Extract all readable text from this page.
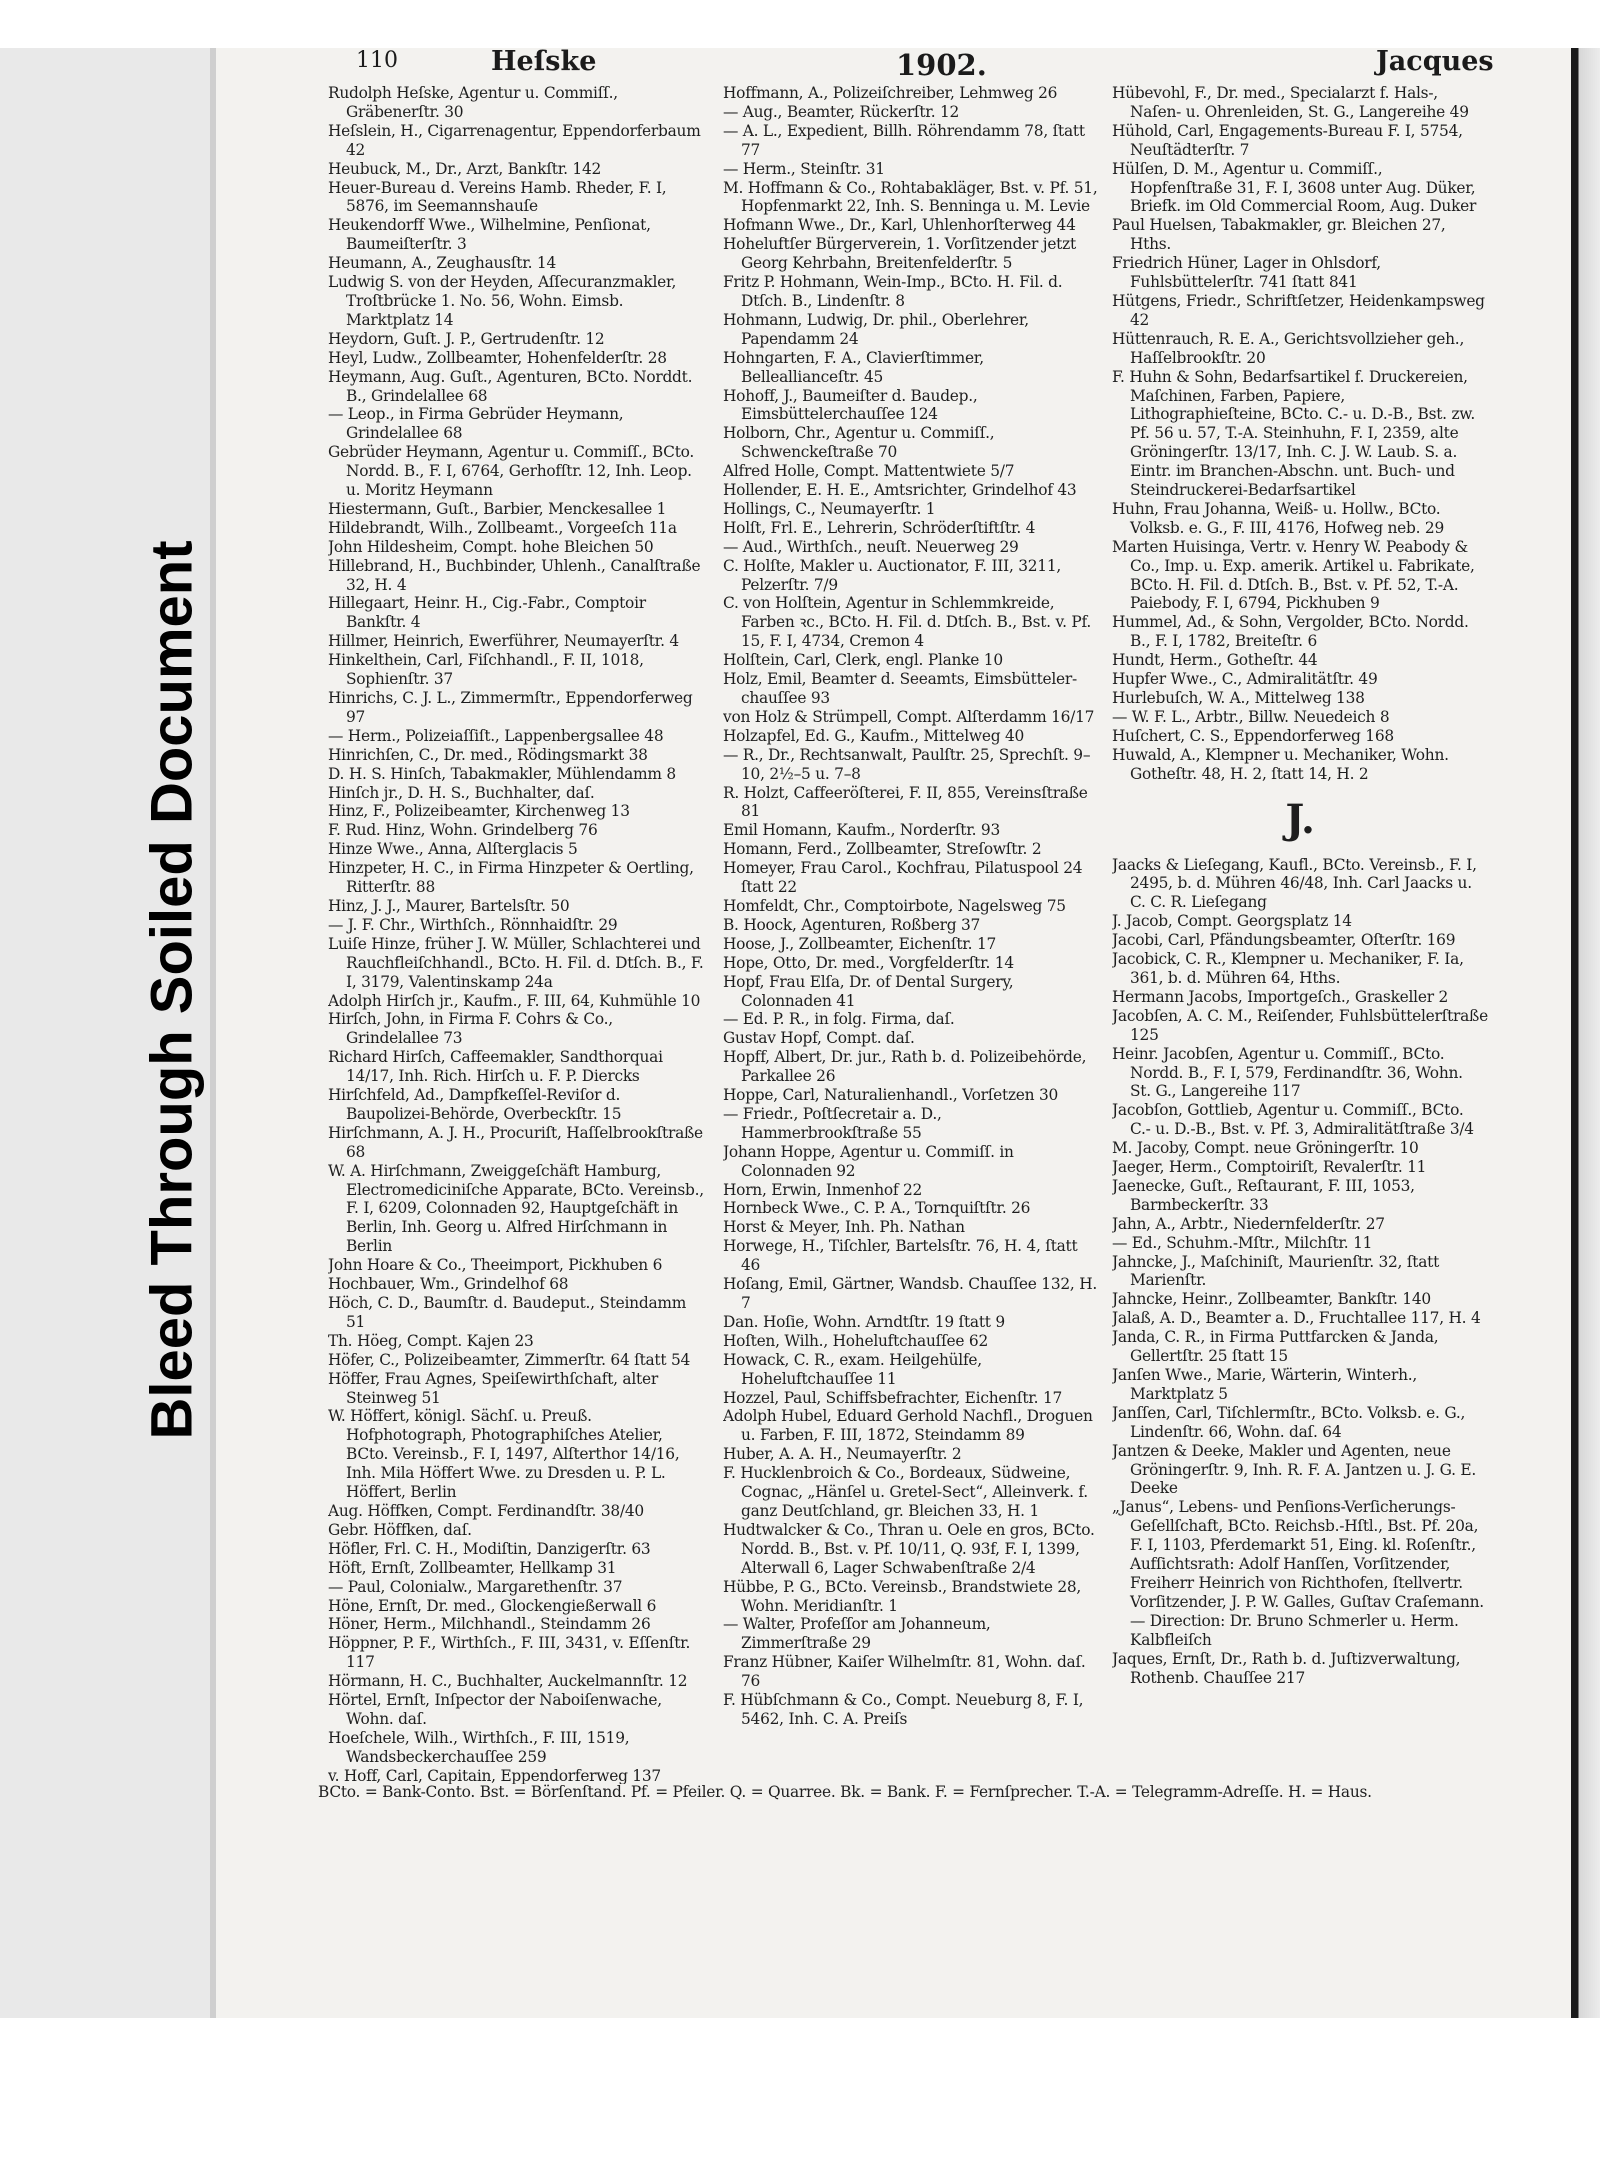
Bleed Through Soiled Document
110	Heſske	1902.	Jacques

Rudolph Heſske, Agentur u. Commiſſ., Gräbenerſtr. 30

Heſslein, H., Cigarrenagentur, Eppendorferbaum 42

Heubuck, M., Dr., Arzt, Bankſtr. 142

Heuer-Bureau d. Vereins Hamb. Rheder, F. I, 5876, im Seemannshauſe

Heukendorff Wwe., Wilhelmine, Penſionat, Baumeiſterſtr. 3

Heumann, A., Zeughausſtr. 14

Ludwig S. von der Heyden, Aſſecuranzmakler, Troſtbrücke 1. No. 56, Wohn. Eimsb. Marktplatz 14

Heydorn, Guſt. J. P., Gertrudenſtr. 12

Heyl, Ludw., Zollbeamter, Hohenfelderſtr. 28

Heymann, Aug. Guſt., Agenturen, BCto. Norddt. B., Grindelallee 68

— Leop., in Firma Gebrüder Heymann, Grindelallee 68

Gebrüder Heymann, Agentur u. Commiſſ., BCto. Nordd. B., F. I, 6764, Gerhofſtr. 12, Inh. Leop. u. Moritz Heymann

Hiestermann, Guſt., Barbier, Menckesallee 1

Hildebrandt, Wilh., Zollbeamt., Vorgeeſch 11a

John Hildesheim, Compt. hohe Bleichen 50

Hillebrand, H., Buchbinder, Uhlenh., Canalſtraße 32, H. 4

Hillegaart, Heinr. H., Cig.-Fabr., Comptoir Bankſtr. 4

Hillmer, Heinrich, Ewerführer, Neumayerſtr. 4

Hinkelthein, Carl, Fiſchhandl., F. II, 1018, Sophienſtr. 37

Hinrichs, C. J. L., Zimmermſtr., Eppendorferweg 97

— Herm., Polizeiaſſiſt., Lappenbergsallee 48

Hinrichſen, C., Dr. med., Rödingsmarkt 38

D. H. S. Hinſch, Tabakmakler, Mühlendamm 8

Hinſch jr., D. H. S., Buchhalter, daſ.

Hinz, F., Polizeibeamter, Kirchenweg 13

F. Rud. Hinz, Wohn. Grindelberg 76

Hinze Wwe., Anna, Alſterglacis 5

Hinzpeter, H. C., in Firma Hinzpeter & Oertling, Ritterſtr. 88

Hinz, J. J., Maurer, Bartelsſtr. 50

— J. F. Chr., Wirthſch., Rönnhaidſtr. 29

Luiſe Hinze, früher J. W. Müller, Schlachterei und Rauchfleiſchhandl., BCto. H. Fil. d. Dtſch. B., F. I, 3179, Valentinskamp 24a

Adolph Hirſch jr., Kaufm., F. III, 64, Kuhmühle 10

Hirſch, John, in Firma F. Cohrs & Co., Grindelallee 73

Richard Hirſch, Caffeemakler, Sandthorquai 14/17, Inh. Rich. Hirſch u. F. P. Diercks

Hirſchfeld, Ad., Dampfkeſſel-Reviſor d. Baupolizei-Behörde, Overbeckſtr. 15

Hirſchmann, A. J. H., Procuriſt, Haſſelbrookſtraße 68

W. A. Hirſchmann, Zweiggeſchäft Hamburg, Electromediciniſche Apparate, BCto. Vereinsb., F. I, 6209, Colonnaden 92, Hauptgeſchäft in Berlin, Inh. Georg u. Alfred Hirſchmann in Berlin

John Hoare & Co., Theeimport, Pickhuben 6

Hochbauer, Wm., Grindelhof 68

Höch, C. D., Baumſtr. d. Baudeput., Steindamm 51

Th. Höeg, Compt. Kajen 23

Höfer, C., Polizeibeamter, Zimmerſtr. 64 ſtatt 54

Höffer, Frau Agnes, Speiſewirthſchaft, alter Steinweg 51

W. Höffert, königl. Sächſ. u. Preuß. Hofphotograph, Photographiſches Atelier, BCto. Vereinsb., F. I, 1497, Alſterthor 14/16, Inh. Mila Höffert Wwe. zu Dresden u. P. L. Höffert, Berlin

Aug. Höffken, Compt. Ferdinandſtr. 38/40

Gebr. Höffken, daſ.

Höfler, Frl. C. H., Modiſtin, Danzigerſtr. 63

Höft, Ernſt, Zollbeamter, Hellkamp 31

— Paul, Colonialw., Margarethenſtr. 37

Höne, Ernſt, Dr. med., Glockengießerwall 6

Höner, Herm., Milchhandl., Steindamm 26

Höppner, P. F., Wirthſch., F. III, 3431, v. Eſſenſtr. 117

Hörmann, H. C., Buchhalter, Auckelmannſtr. 12

Hörtel, Ernſt, Inſpector der Naboiſenwache, Wohn. daſ.

Hoeſchele, Wilh., Wirthſch., F. III, 1519, Wandsbeckerchauſſee 259

v. Hoff, Carl, Capitain, Eppendorferweg 137

Hoffmann, A., Polizeiſchreiber, Lehmweg 26

— Aug., Beamter, Rückerſtr. 12

— A. L., Expedient, Billh. Röhrendamm 78, ſtatt 77

— Herm., Steinſtr. 31

M. Hoffmann & Co., Rohtabakläger, Bst. v. Pf. 51, Hopfenmarkt 22, Inh. S. Benninga u. M. Levie

Hofmann Wwe., Dr., Karl, Uhlenhorſterweg 44

Hoheluftſer Bürgerverein, 1. Vorſitzender jetzt Georg Kehrbahn, Breitenfelderſtr. 5

Fritz P. Hohmann, Wein-Imp., BCto. H. Fil. d. Dtſch. B., Lindenſtr. 8

Hohmann, Ludwig, Dr. phil., Oberlehrer, Papendamm 24

Hohngarten, F. A., Clavierſtimmer, Belleallianceſtr. 45

Hohoff, J., Baumeiſter d. Baudep., Eimsbüttelerchauſſee 124

Holborn, Chr., Agentur u. Commiſſ., Schwenckeſtraße 70

Alfred Holle, Compt. Mattentwiete 5/7

Hollender, E. H. E., Amtsrichter, Grindelhof 43

Hollings, C., Neumayerſtr. 1

Holſt, Frl. E., Lehrerin, Schröderſtiftſtr. 4

— Aud., Wirthſch., neuſt. Neuerweg 29

C. Holſte, Makler u. Auctionator, F. III, 3211, Pelzerſtr. 7/9

C. von Holſtein, Agentur in Schlemmkreide, Farben ꝛc., BCto. H. Fil. d. Dtſch. B., Bst. v. Pf. 15, F. I, 4734, Cremon 4

Holſtein, Carl, Clerk, engl. Planke 10

Holz, Emil, Beamter d. Seeamts, Eimsbütteler-chauſſee 93

von Holz & Strümpell, Compt. Alſterdamm 16/17

Holzapfel, Ed. G., Kaufm., Mittelweg 40

— R., Dr., Rechtsanwalt, Paulſtr. 25, Sprechſt. 9–10, 2½–5 u. 7–8

R. Holzt, Caffeeröſterei, F. II, 855, Vereinsſtraße 81

Emil Homann, Kaufm., Norderſtr. 93

Homann, Ferd., Zollbeamter, Streſowſtr. 2

Homeyer, Frau Carol., Kochfrau, Pilatuspool 24 ſtatt 22

Homfeldt, Chr., Comptoirbote, Nagelsweg 75

B. Hoock, Agenturen, Roßberg 37

Hoose, J., Zollbeamter, Eichenſtr. 17

Hope, Otto, Dr. med., Vorgfelderſtr. 14

Hopf, Frau Elſa, Dr. of Dental Surgery, Colonnaden 41

— Ed. P. R., in folg. Firma, daſ.

Gustav Hopf, Compt. daſ.

Hopff, Albert, Dr. jur., Rath b. d. Polizeibehörde, Parkallee 26

Hoppe, Carl, Naturalienhandl., Vorſetzen 30

— Friedr., Poſtſecretair a. D., Hammerbrookſtraße 55

Johann Hoppe, Agentur u. Commiſſ. in Colonnaden 92

Horn, Erwin, Inmenhof 22

Hornbeck Wwe., C. P. A., Tornquiſtſtr. 26

Horst & Meyer, Inh. Ph. Nathan

Horwege, H., Tiſchler, Bartelsſtr. 76, H. 4, ſtatt 46

Hoſang, Emil, Gärtner, Wandsb. Chauſſee 132, H. 7

Dan. Hoſie, Wohn. Arndtſtr. 19 ſtatt 9

Hoſten, Wilh., Hoheluftchauſſee 62

Howack, C. R., exam. Heilgehülfe, Hoheluftchauſſee 11

Hozzel, Paul, Schiffsbefrachter, Eichenſtr. 17

Adolph Hubel, Eduard Gerhold Nachfl., Droguen u. Farben, F. III, 1872, Steindamm 89

Huber, A. A. H., Neumayerſtr. 2

F. Hucklenbroich & Co., Bordeaux, Südweine, Cognac, „Hänſel u. Gretel-Sect“, Alleinverk. f. ganz Deutſchland, gr. Bleichen 33, H. 1

Hudtwalcker & Co., Thran u. Oele en gros, BCto. Nordd. B., Bst. v. Pf. 10/11, Q. 93f, F. I, 1399, Alterwall 6, Lager Schwabenſtraße 2/4

Hübbe, P. G., BCto. Vereinsb., Brandstwiete 28, Wohn. Meridianſtr. 1

— Walter, Profeſſor am Johanneum, Zimmerſtraße 29

Franz Hübner, Kaiſer Wilhelmſtr. 81, Wohn. daſ. 76

F. Hübſchmann & Co., Compt. Neueburg 8, F. I, 5462, Inh. C. A. Preiſs

Hübevohl, F., Dr. med., Specialarzt f. Hals-, Naſen- u. Ohrenleiden, St. G., Langereihe 49

Hühold, Carl, Engagements-Bureau F. I, 5754, Neuſtädterſtr. 7

Hülſen, D. M., Agentur u. Commiſſ., Hopfenſtraße 31, F. I, 3608 unter Aug. Düker, Briefk. im Old Commercial Room, Aug. Duker

Paul Huelsen, Tabakmakler, gr. Bleichen 27, Hths.

Friedrich Hüner, Lager in Ohlsdorf, Fuhlsbüttelerſtr. 741 ſtatt 841

Hütgens, Friedr., Schriftſetzer, Heidenkampsweg 42

Hüttenrauch, R. E. A., Gerichtsvollzieher geh., Haſſelbrookſtr. 20

F. Huhn & Sohn, Bedarfsartikel f. Druckereien, Maſchinen, Farben, Papiere, Lithographieſteine, BCto. C.- u. D.-B., Bst. zw. Pf. 56 u. 57, T.-A. Steinhuhn, F. I, 2359, alte Gröningerſtr. 13/17, Inh. C. J. W. Laub. S. a. Eintr. im Branchen-Abschn. unt. Buch- und Steindruckerei-Bedarfsartikel

Huhn, Frau Johanna, Weiß- u. Hollw., BCto. Volksb. e. G., F. III, 4176, Hofweg neb. 29

Marten Huisinga, Vertr. v. Henry W. Peabody & Co., Imp. u. Exp. amerik. Artikel u. Fabrikate, BCto. H. Fil. d. Dtſch. B., Bst. v. Pf. 52, T.-A. Paiebody, F. I, 6794, Pickhuben 9

Hummel, Ad., & Sohn, Vergolder, BCto. Nordd. B., F. I, 1782, Breiteſtr. 6

Hundt, Herm., Gotheſtr. 44

Hupfer Wwe., C., Admiralitätſtr. 49

Hurlebuſch, W. A., Mittelweg 138

— W. F. L., Arbtr., Billw. Neuedeich 8

Huſchert, C. S., Eppendorferweg 168

Huwald, A., Klempner u. Mechaniker, Wohn. Gotheſtr. 48, H. 2, ſtatt 14, H. 2

J.

Jaacks & Lieſegang, Kaufl., BCto. Vereinsb., F. I, 2495, b. d. Mühren 46/48, Inh. Carl Jaacks u. C. C. R. Lieſegang

J. Jacob, Compt. Georgsplatz 14

Jacobi, Carl, Pfändungsbeamter, Oſterſtr. 169

Jacobick, C. R., Klempner u. Mechaniker, F. Ia, 361, b. d. Mühren 64, Hths.

Hermann Jacobs, Importgeſch., Graskeller 2

Jacobſen, A. C. M., Reiſender, Fuhlsbüttelerſtraße 125

Heinr. Jacobſen, Agentur u. Commiſſ., BCto. Nordd. B., F. I, 579, Ferdinandſtr. 36, Wohn. St. G., Langereihe 117

Jacobſon, Gottlieb, Agentur u. Commiſſ., BCto. C.- u. D.-B., Bst. v. Pf. 3, Admiralitätſtraße 3/4

M. Jacoby, Compt. neue Gröningerſtr. 10

Jaeger, Herm., Comptoiriſt, Revalerſtr. 11

Jaenecke, Guſt., Reſtaurant, F. III, 1053, Barmbeckerſtr. 33

Jahn, A., Arbtr., Niedernfelderſtr. 27

— Ed., Schuhm.-Mſtr., Milchſtr. 11

Jahncke, J., Maſchiniſt, Maurienſtr. 32, ſtatt Marienſtr.

Jahncke, Heinr., Zollbeamter, Bankſtr. 140

Jalaß, A. D., Beamter a. D., Fruchtallee 117, H. 4

Janda, C. R., in Firma Puttfarcken & Janda, Gellertſtr. 25 ſtatt 15

Janſen Wwe., Marie, Wärterin, Winterh., Marktplatz 5

Janſſen, Carl, Tiſchlermſtr., BCto. Volksb. e. G., Lindenſtr. 66, Wohn. daſ. 64

Jantzen & Deeke, Makler und Agenten, neue Gröningerſtr. 9, Inh. R. F. A. Jantzen u. J. G. E. Deeke

„Janus“, Lebens- und Penſions-Verſicherungs-Geſellſchaft, BCto. Reichsb.-Hſtl., Bst. Pf. 20a, F. I, 1103, Pferdemarkt 51, Eing. kl. Roſenſtr., Aufſichtsrath: Adolf Hanſſen, Vorſitzender, Freiherr Heinrich von Richthofen, ſtellvertr. Vorſitzender, J. P. W. Galles, Guſtav Craſemann. — Direction: Dr. Bruno Schmerler u. Herm. Kalbfleiſch

Jaques, Ernſt, Dr., Rath b. d. Juſtizverwaltung, Rothenb. Chauſſee 217

BCto. = Bank-Conto. Bst. = Börſenſtand. Pf. = Pfeiler. Q. = Quarree. Bk. = Bank. F. = Fernſprecher. T.-A. = Telegramm-Adreſſe. H. = Haus.
